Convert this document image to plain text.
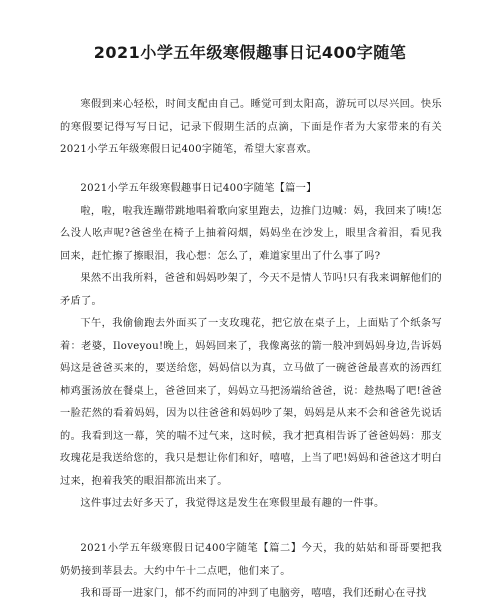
2021小学五年级寒假趣事日记400字随笔

寒假到来心轻松，时间支配由自己。睡觉可到太阳高，游玩可以尽兴回。快乐的寒假要记得写写日记，记录下假期生活的点滴，下面是作者为大家带来的有关2021小学五年级寒假日记400字随笔，希望大家喜欢。

2021小学五年级寒假趣事日记400字随笔【篇一】

啦，啦，啦我连蹦带跳地唱着歌向家里跑去，边推门边喊：妈，我回来了咦!怎么没人吆声呢?爸爸坐在椅子上抽着闷烟，妈妈坐在沙发上，眼里含着泪，看见我回来，赶忙擦了擦眼泪，我心想：怎么了，难道家里出了什么事了吗?

果然不出我所料，爸爸和妈妈吵架了，今天不是情人节吗!只有我来调解他们的矛盾了。

下午，我偷偷跑去外面买了一支玫瑰花，把它放在桌子上，上面贴了个纸条写着：老婆，Iloveyou!晚上，妈妈回来了，我像离弦的箭一般冲到妈妈身边,告诉妈妈这是爸爸买来的，要送给您，妈妈信以为真，立马做了一碗爸爸最喜欢的汤西红柿鸡蛋汤放在餐桌上，爸爸回来了，妈妈立马把汤端给爸爸，说：趁热喝了吧!爸爸一脸茫然的看着妈妈，因为以往爸爸和妈妈吵了架，妈妈是从来不会和爸爸先说话的。我看到这一幕，笑的喘不过气来，这时候，我才把真相告诉了爸爸妈妈：那支玫瑰花是我送给您的，我只是想让你们和好，嘻嘻，上当了吧!妈妈和爸爸这才明白过来，抱着我笑的眼泪都流出来了。

这件事过去好多天了，我觉得这是发生在寒假里最有趣的一件事。

2021小学五年级寒假日记400字随笔【篇二】今天，我的姑姑和哥哥要把我奶奶接到莘县去。大约中午十二点吧，他们来了。

我和哥哥一进家门，郁不约而同的冲到了电脑旁，嘻嘻，我们还耐心在寻找
